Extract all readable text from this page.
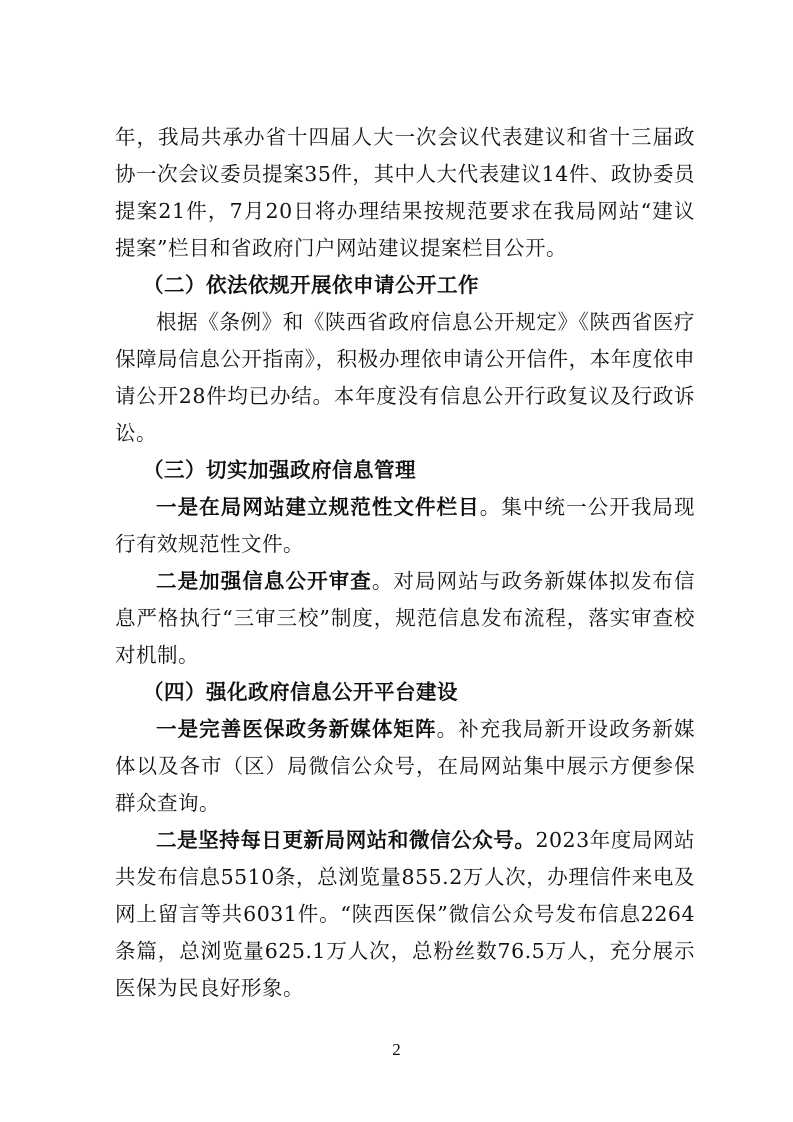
年，我局共承办省十四届人大一次会议代表建议和省十三届政协一次会议委员提案35件，其中人大代表建议14件、政协委员提案21件，7月20日将办理结果按规范要求在我局网站“建议提案”栏目和省政府门户网站建议提案栏目公开。

（二）依法依规开展依申请公开工作

根据《条例》和《陕西省政府信息公开规定》《陕西省医疗保障局信息公开指南》，积极办理依申请公开信件，本年度依申请公开28件均已办结。本年度没有信息公开行政复议及行政诉讼。

（三）切实加强政府信息管理

一是在局网站建立规范性文件栏目。集中统一公开我局现行有效规范性文件。

二是加强信息公开审查。对局网站与政务新媒体拟发布信息严格执行“三审三校”制度，规范信息发布流程，落实审查校对机制。

（四）强化政府信息公开平台建设

一是完善医保政务新媒体矩阵。补充我局新开设政务新媒体以及各市（区）局微信公众号，在局网站集中展示方便参保群众查询。

二是坚持每日更新局网站和微信公众号。2023年度局网站共发布信息5510条，总浏览量855.2万人次，办理信件来电及网上留言等共6031件。“陕西医保”微信公众号发布信息2264条篇，总浏览量625.1万人次，总粉丝数76.5万人，充分展示医保为民良好形象。

2
